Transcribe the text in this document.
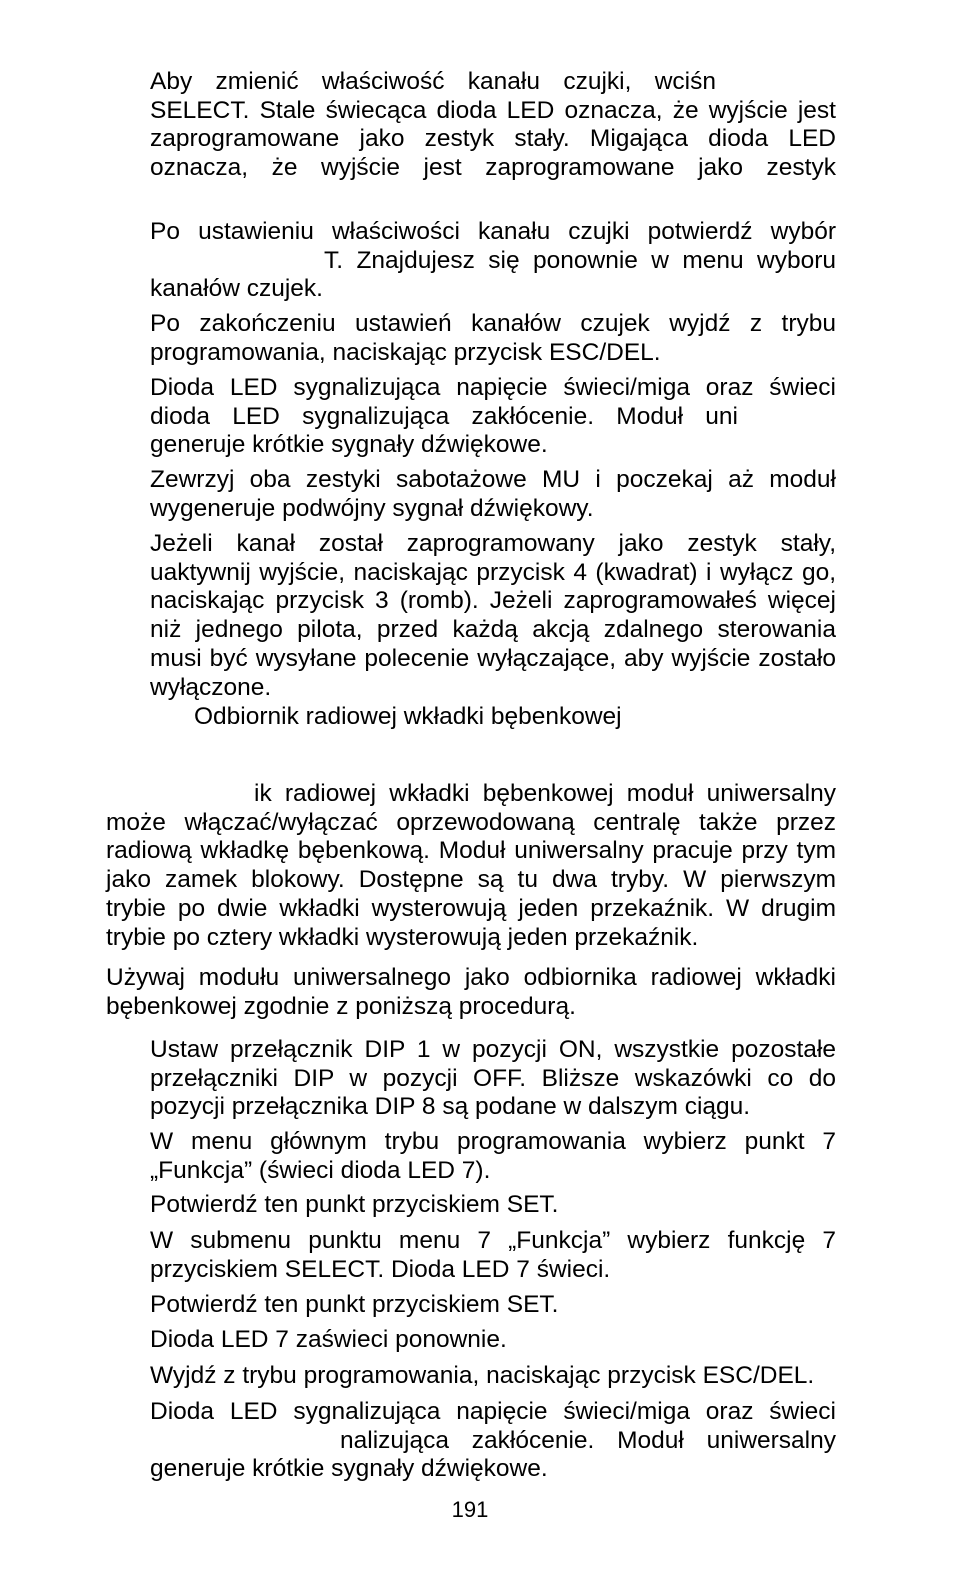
Aby zmienić właściwość kanału czujki, wciśn
SELECT. Stale świecąca dioda LED oznacza, że wyjście jest
zaprogramowane jako zestyk stały. Migająca dioda LED
oznacza, że wyjście jest zaprogramowane jako zestyk
Po ustawieniu właściwości kanału czujki potwierdź wybór
T. Znajdujesz się ponownie w menu wyboru
kanałów czujek.

Po zakończeniu ustawień kanałów czujek wyjdź z trybu programowania, naciskając przycisk ESC/DEL.

Dioda LED sygnalizująca napięcie świeci/miga oraz świeci
dioda LED sygnalizująca zakłócenie. Moduł uni
generuje krótkie sygnały dźwiękowe.

Zewrzyj oba zestyki sabotażowe MU i poczekaj aż moduł wygeneruje podwójny sygnał dźwiękowy.

Jeżeli kanał został zaprogramowany jako zestyk stały, uaktywnij wyjście, naciskając przycisk 4 (kwadrat) i wyłącz go, naciskając przycisk 3 (romb). Jeżeli zaprogramowałeś więcej niż jednego pilota, przed każdą akcją zdalnego sterowania musi być wysyłane polecenie wyłączające, aby wyjście zostało wyłączone.

Odbiornik radiowej wkładki bębenkowej
ik radiowej wkładki bębenkowej moduł uniwersalny
może włączać/wyłączać oprzewodowaną centralę także przez radiową wkładkę bębenkową. Moduł uniwersalny pracuje przy tym jako zamek blokowy. Dostępne są tu dwa tryby. W pierwszym trybie po dwie wkładki wysterowują jeden przekaźnik. W drugim trybie po cztery wkładki wysterowują jeden przekaźnik.

Używaj modułu uniwersalnego jako odbiornika radiowej wkładki bębenkowej zgodnie z poniższą procedurą.

Ustaw przełącznik DIP 1 w pozycji ON, wszystkie pozostałe przełączniki DIP w pozycji OFF. Bliższe wskazówki co do pozycji przełącznika DIP 8 są podane w dalszym ciągu.

W menu głównym trybu programowania wybierz punkt 7 „Funkcja” (świeci dioda LED 7).

Potwierdź ten punkt przyciskiem SET.

W submenu punktu menu 7 „Funkcja” wybierz funkcję 7 przyciskiem SELECT. Dioda LED 7 świeci.

Potwierdź ten punkt przyciskiem SET.

Dioda LED 7 zaświeci ponownie.

Wyjdź z trybu programowania, naciskając przycisk ESC/DEL.

Dioda LED sygnalizująca napięcie świeci/miga oraz świeci
nalizująca zakłócenie. Moduł uniwersalny
generuje krótkie sygnały dźwiękowe.
191
